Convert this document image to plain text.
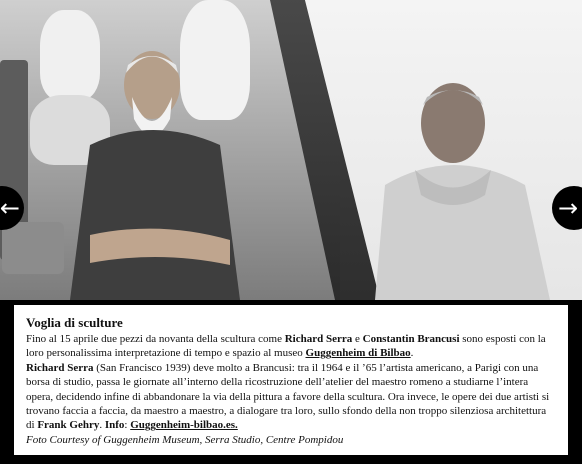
←	→

Voglia di sculture

Fino al 15 aprile due pezzi da novanta della scultura come Richard Serra e Constantin Brancusi sono esposti con la loro personalissima interpretazione di tempo e spazio al museo Guggenheim di Bilbao.
Richard Serra (San Francisco 1939) deve molto a Brancusi: tra il 1964 e il ’65 l’artista americano, a Parigi con una borsa di studio, passa le giornate all’interno della ricostruzione dell’atelier del maestro romeno a studiarne l’intera opera, decidendo infine di abbandonare la via della pittura a favore della scultura. Ora invece, le opere dei due artisti si trovano faccia a faccia, da maestro a maestro, a dialogare tra loro, sullo sfondo della non troppo silenziosa architettura di Frank Gehry. Info: Guggenheim-bilbao.es.

Foto Courtesy of Guggenheim Museum, Serra Studio, Centre Pompidou
